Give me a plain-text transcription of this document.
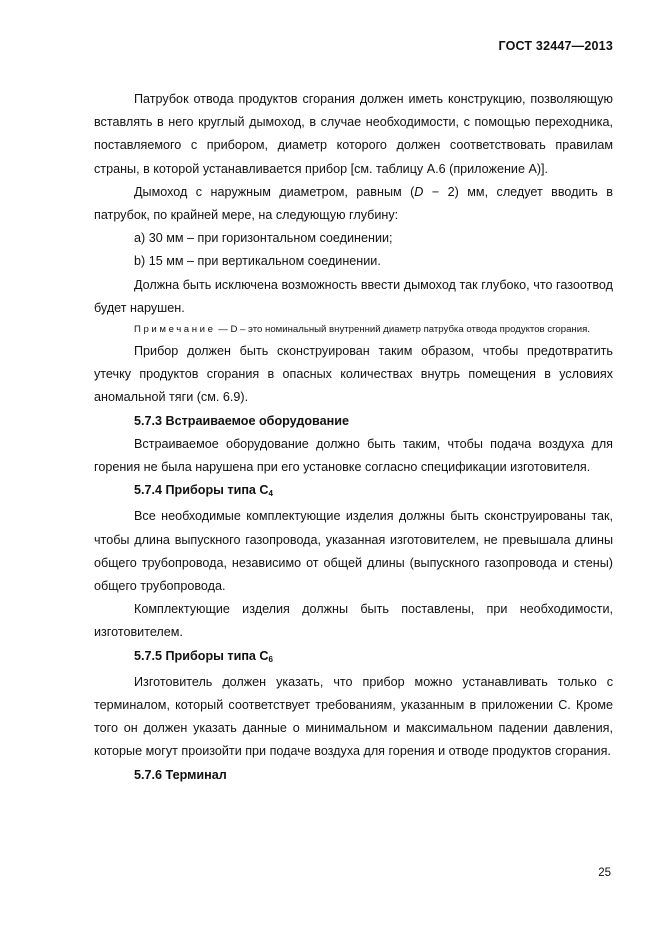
ГОСТ 32447—2013

Патрубок отвода продуктов сгорания должен иметь конструкцию, позволяющую вставлять в него круглый дымоход, в случае необходимости, с помощью переходника, поставляемого с прибором, диаметр которого должен соответствовать правилам страны, в которой устанавливается прибор [см. таблицу А.6 (приложение А)].

Дымоход с наружным диаметром, равным (D − 2) мм, следует вводить в патрубок, по крайней мере, на следующую глубину:

a) 30 мм – при горизонтальном соединении;

b) 15 мм – при вертикальном соединении.

Должна быть исключена возможность ввести дымоход так глубоко, что газоотвод будет нарушен.

Примечание — D – это номинальный внутренний диаметр патрубка отвода продуктов сгорания.

Прибор должен быть сконструирован таким образом, чтобы предотвратить утечку продуктов сгорания в опасных количествах внутрь помещения в условиях аномальной тяги (см. 6.9).

5.7.3 Встраиваемое оборудование

Встраиваемое оборудование должно быть таким, чтобы подача воздуха для горения не была нарушена при его установке согласно спецификации изготовителя.

5.7.4 Приборы типа $С_4$

Все необходимые комплектующие изделия должны быть сконструированы так, чтобы длина выпускного газопровода, указанная изготовителем, не превышала длины общего трубопровода, независимо от общей длины (выпускного газопровода и стены) общего трубопровода.

Комплектующие изделия должны быть поставлены, при необходимости, изготовителем.

5.7.5 Приборы типа $С_6$

Изготовитель должен указать, что прибор можно устанавливать только с терминалом, который соответствует требованиям, указанным в приложении С. Кроме того он должен указать данные о минимальном и максимальном падении давления, которые могут произойти при подаче воздуха для горения и отводе продуктов сгорания.

5.7.6 Терминал

25
